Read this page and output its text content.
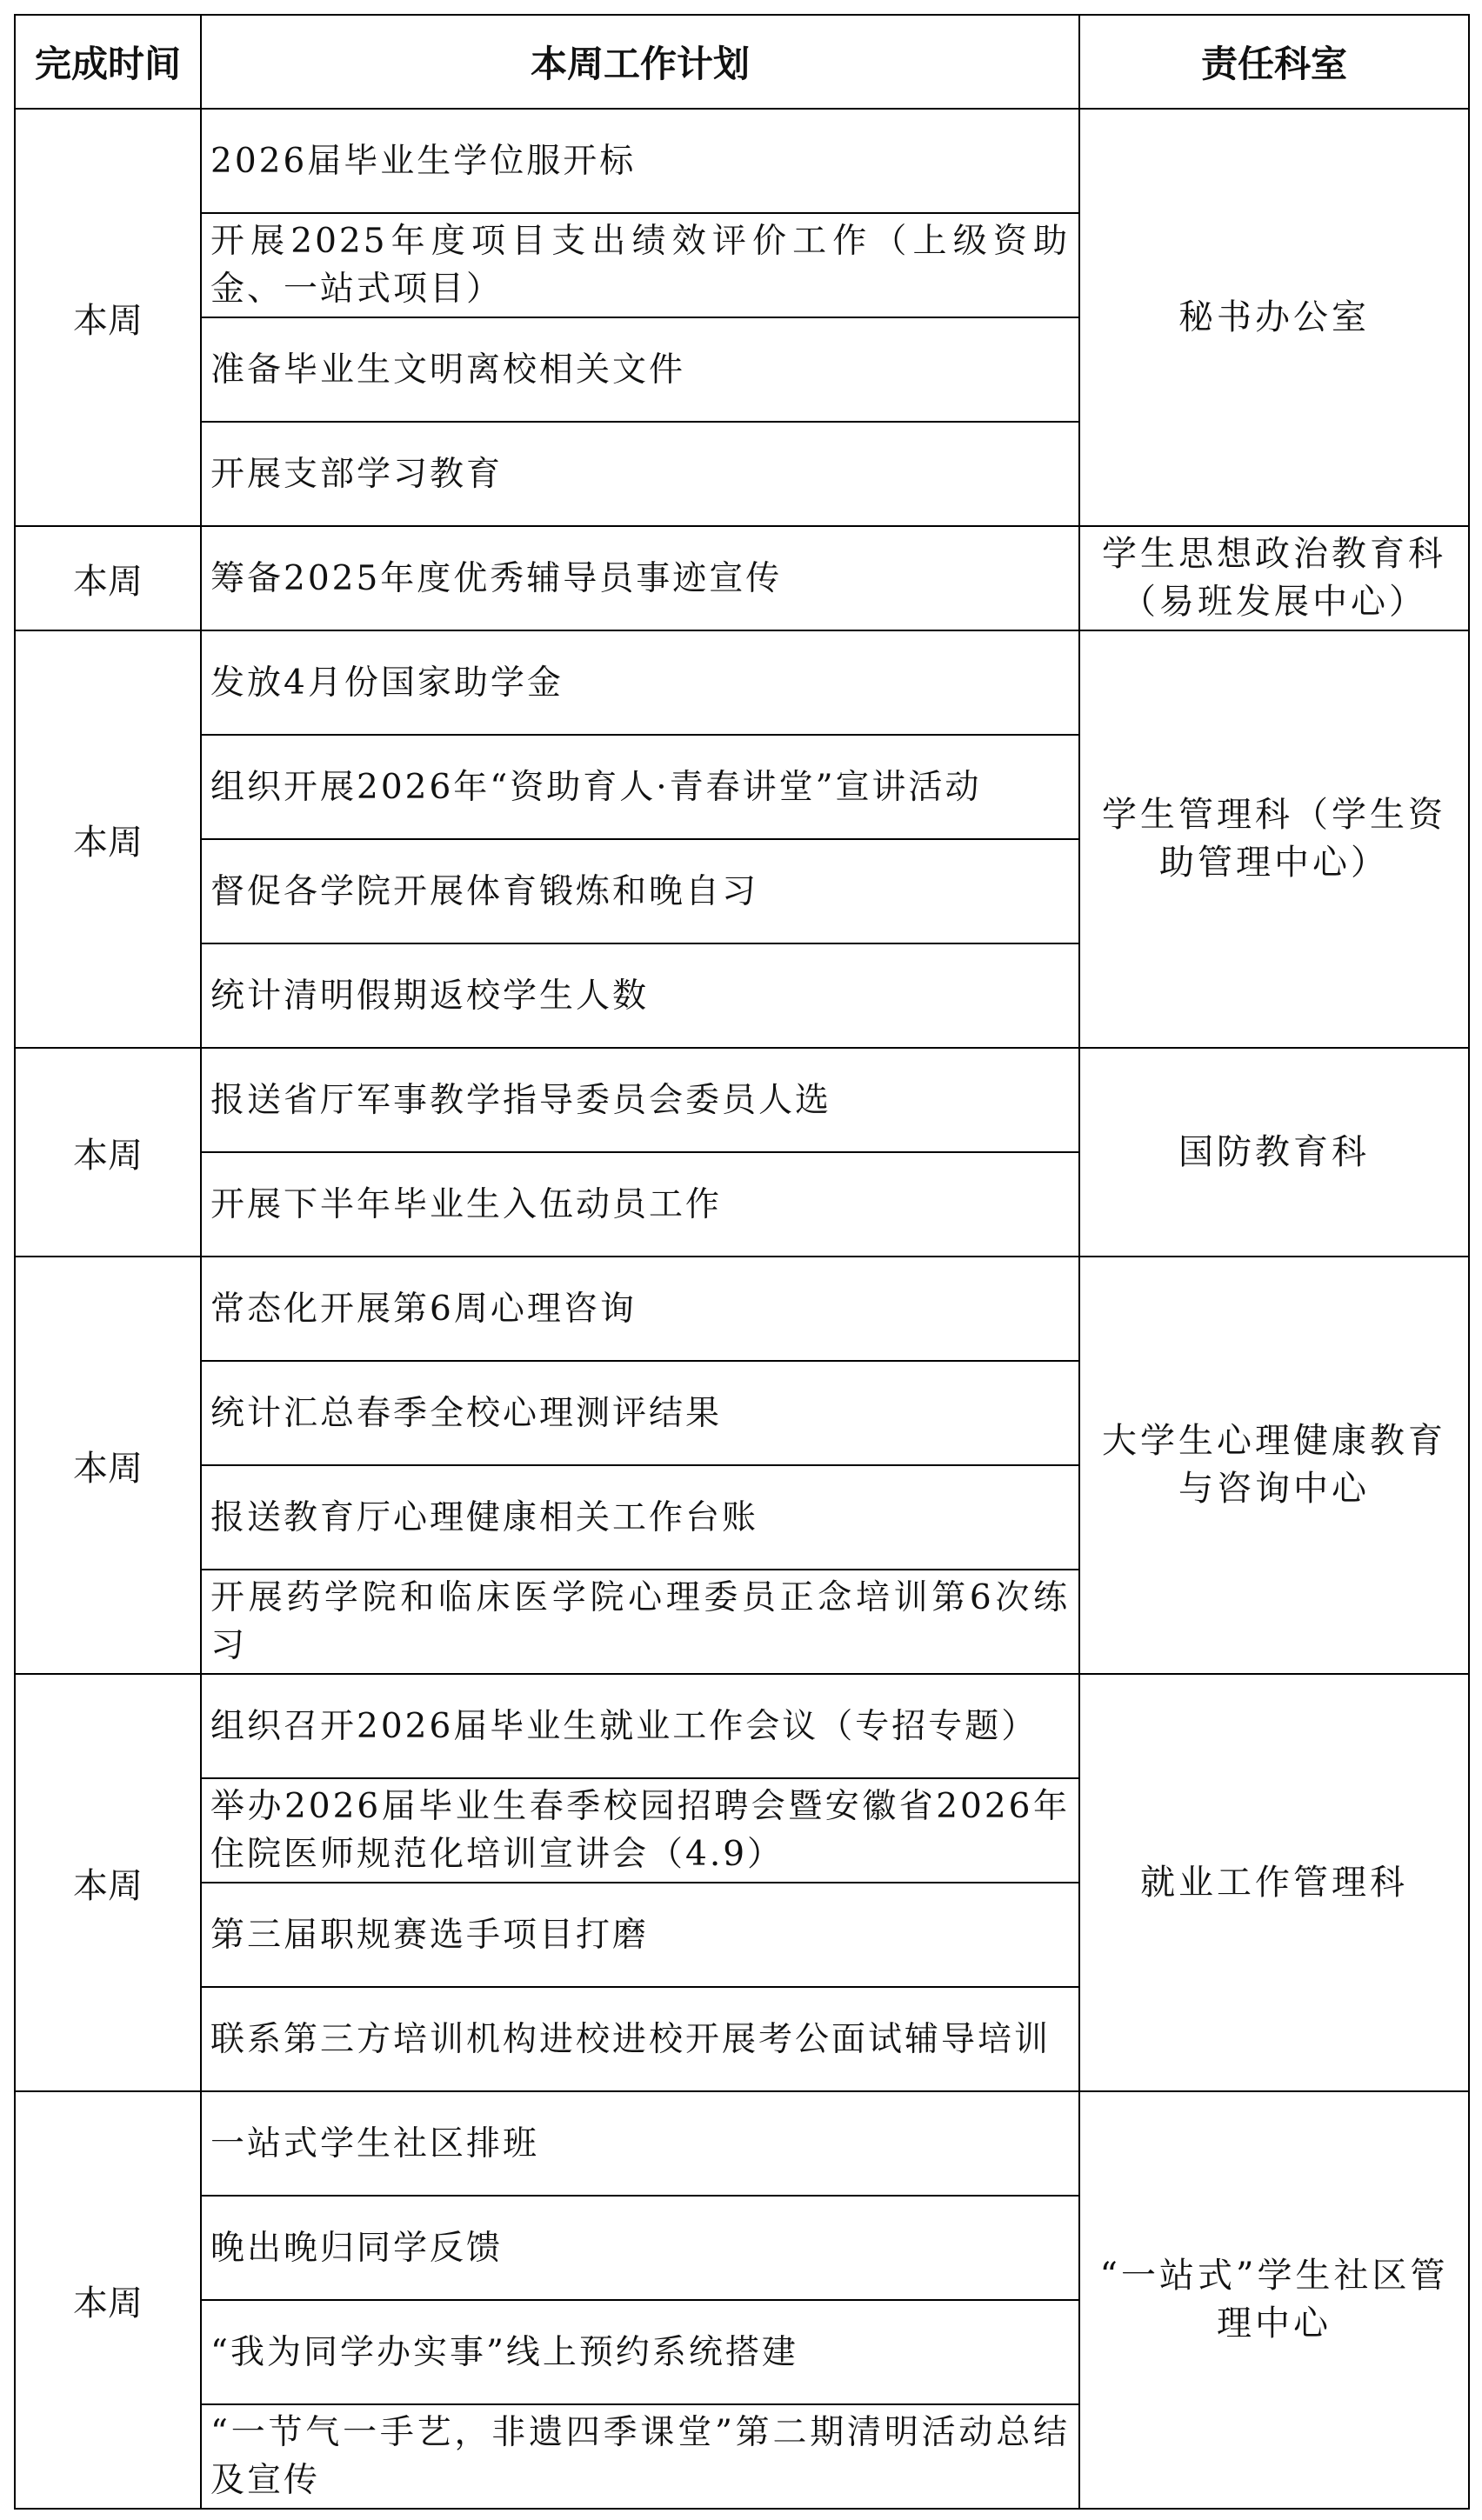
完成时间	本周工作计划	责任科室
本周	2026届毕业生学位服开标	秘书办公室
	开展2025年度项目支出绩效评价工作（上级资助金、一站式项目）	
	准备毕业生文明离校相关文件	
	开展支部学习教育	
本周	筹备2025年度优秀辅导员事迹宣传	学生思想政治教育科（易班发展中心）
本周	发放4月份国家助学金	学生管理科（学生资助管理中心）
	组织开展2026年“资助育人·青春讲堂”宣讲活动	
	督促各学院开展体育锻炼和晚自习	
	统计清明假期返校学生人数	
本周	报送省厅军事教学指导委员会委员人选	国防教育科
	开展下半年毕业生入伍动员工作	
本周	常态化开展第6周心理咨询	大学生心理健康教育与咨询中心
	统计汇总春季全校心理测评结果	
	报送教育厅心理健康相关工作台账	
	开展药学院和临床医学院心理委员正念培训第6次练习	
本周	组织召开2026届毕业生就业工作会议（专招专题）	就业工作管理科
	举办2026届毕业生春季校园招聘会暨安徽省2026年住院医师规范化培训宣讲会（4.9）	
	第三届职规赛选手项目打磨	
	联系第三方培训机构进校进校开展考公面试辅导培训	
本周	一站式学生社区排班	“一站式”学生社区管理中心
	晚出晚归同学反馈	
	“我为同学办实事”线上预约系统搭建	
	“一节气一手艺，非遗四季课堂”第二期清明活动总结及宣传	
